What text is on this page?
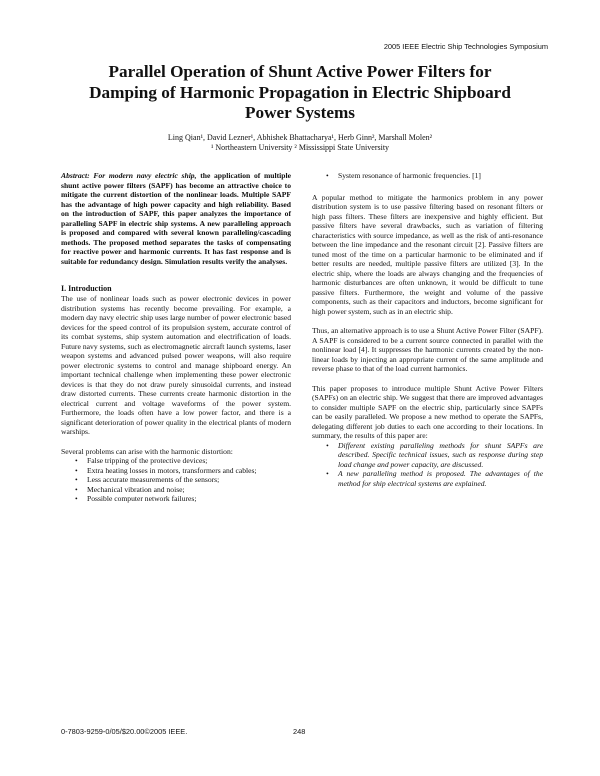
2005 IEEE Electric Ship Technologies Symposium
Parallel Operation of Shunt Active Power Filters for
Damping of Harmonic Propagation in Electric Shipboard
Power Systems
Ling Qian¹, David Lezner¹, Abhishek Bhattacharya¹, Herb Ginn², Marshall Molen²
¹ Northeastern University ² Mississippi State University

Abstract: For modern navy electric ship, the application of multiple shunt active power filters (SAPF) has become an attractive choice to mitigate the current distortion of the nonlinear loads. Multiple SAPF has the advantage of high power capacity and high reliability. Based on the introduction of SAPF, this paper analyzes the importance of paralleling SAPF in electric ship systems. A new paralleling approach is proposed and compared with several known paralleling/cascading methods. The proposed method separates the tasks of compensating for reactive power and harmonic currents. It has fast response and is suitable for redundancy design. Simulation results verify the analyses.

I. Introduction

The use of nonlinear loads such as power electronic devices in power distribution systems has recently become prevailing. For example, a modern day navy electric ship uses large number of power electronic based devices for the speed control of its propulsion system, accurate control of its combat systems, ship system automation and electrification of loads. Future navy systems, such as electromagnetic aircraft launch systems, laser weapon systems and advanced pulsed power weapons, will also require power electronic systems to control and manage shipboard energy. An important technical challenge when implementing these power electronic devices is that they do not draw purely sinusoidal currents, and instead draw distorted currents. These currents create harmonic distortion in the electrical current and voltage waveforms of the power system. Furthermore, the loads often have a low power factor, and there is a significant deterioration of power quality in the electrical plants of modern warships.

Several problems can arise with the harmonic distortion:

• False tripping of the protective devices;
• Extra heating losses in motors, transformers and cables;
• Less accurate measurements of the sensors;
• Mechanical vibration and noise;
• Possible computer network failures;
• System resonance of harmonic frequencies. [1]

A popular method to mitigate the harmonics problem in any power distribution system is to use passive filtering based on resonant filters or high pass filters. These filters are inexpensive and highly efficient. But passive filters have several drawbacks, such as variation of filtering characteristics with source impedance, as well as the risk of anti-resonance between the line impedance and the resonant circuit [2]. Passive filters are tuned most of the time on a particular harmonic to be eliminated and if better results are needed, multiple passive filters are utilized [3]. In the electric ship, where the loads are always changing and the frequencies of harmonic disturbances are often unknown, it would be difficult to tune passive filters. Furthermore, the weight and volume of the passive components, such as their capacitors and inductors, become significant for high power system, such as in an electric ship.

Thus, an alternative approach is to use a Shunt Active Power Filter (SAPF). A SAPF is considered to be a current source connected in parallel with the nonlinear load [4]. It suppresses the harmonic currents created by the non-linear loads by injecting an appropriate current of the same amplitude and reverse phase to that of the load current harmonics.

This paper proposes to introduce multiple Shunt Active Power Filters (SAPFs) on an electric ship. We suggest that there are improved advantages to consider multiple SAPF on the electric ship, particularly since SAPFs can be easily paralleled. We propose a new method to operate the SAPFs, delegating different job duties to each one according to their locations. In summary, the results of this paper are:

• Different existing paralleling methods for shunt SAPFs are described. Specific technical issues, such as response during step load change and power capacity, are discussed.
• A new paralleling method is proposed. The advantages of the method for ship electrical systems are explained.
0-7803-9259-0/05/$20.00©2005 IEEE.	248
